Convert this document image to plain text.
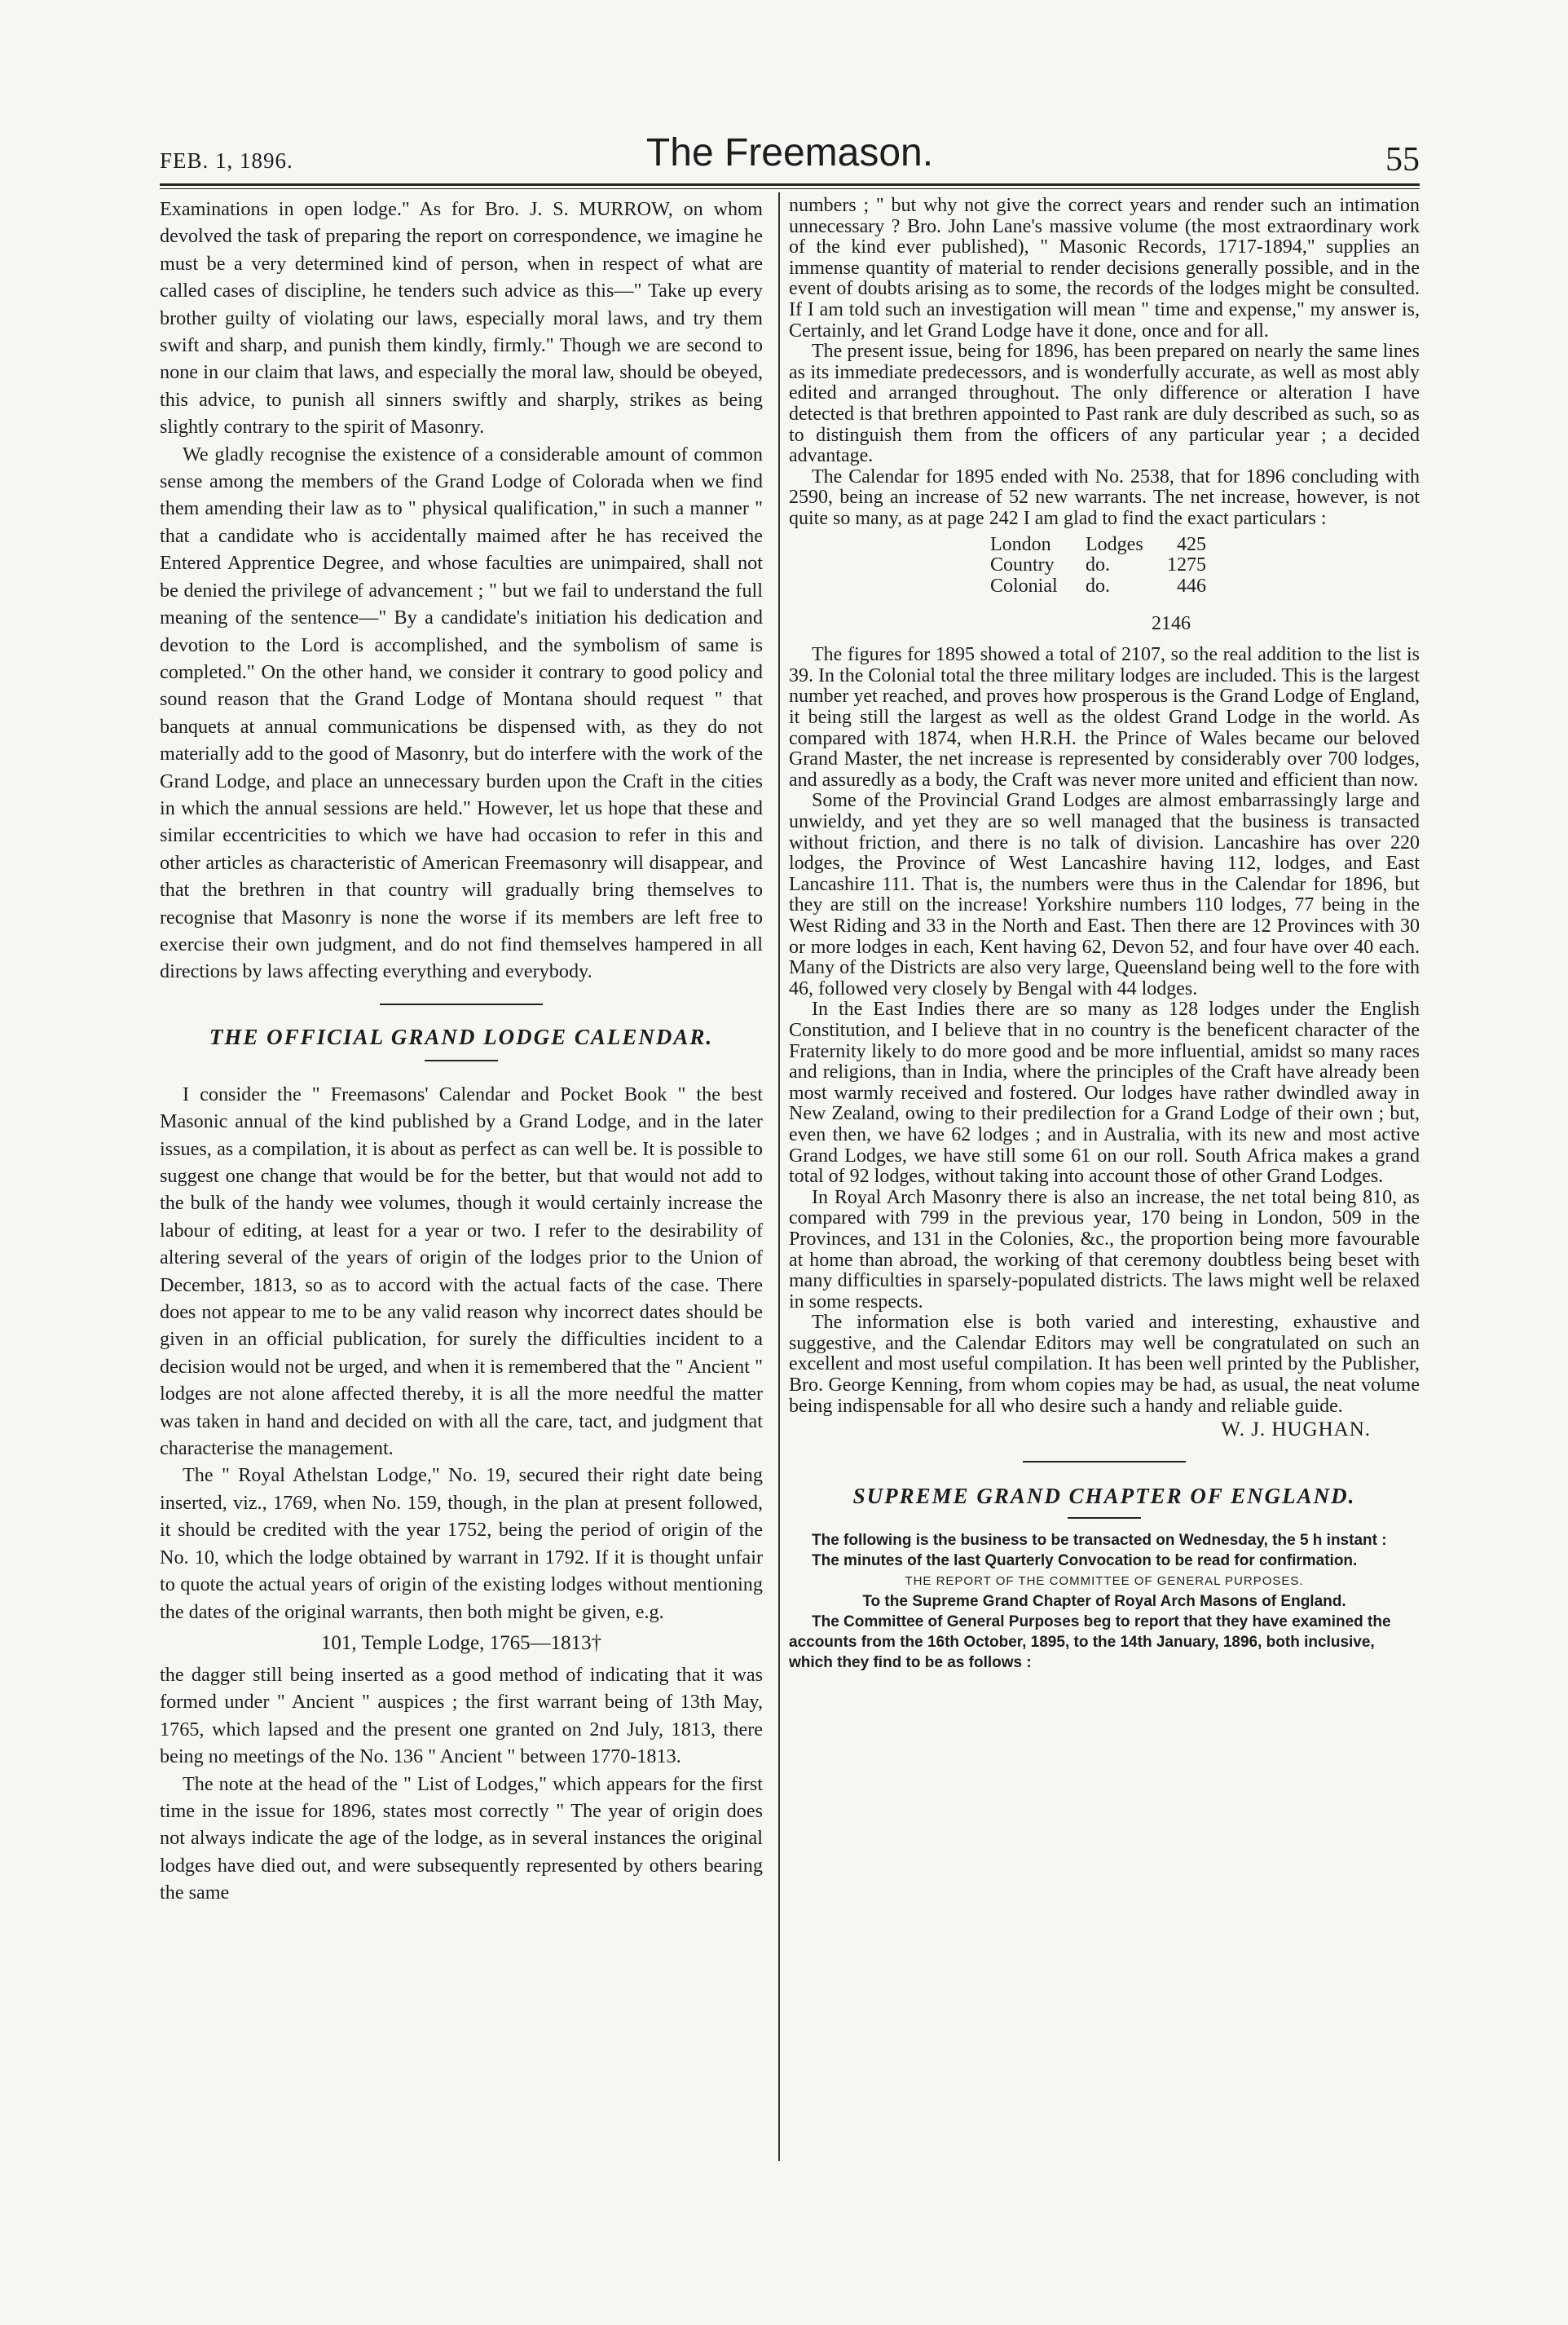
FEB. 1, 1896.	The Freemason.	55

Examinations in open lodge." As for Bro. J. S. MURROW, on whom devolved the task of preparing the report on correspondence, we imagine he must be a very determined kind of person, when in respect of what are called cases of discipline, he tenders such advice as this—" Take up every brother guilty of violating our laws, especially moral laws, and try them swift and sharp, and punish them kindly, firmly." Though we are second to none in our claim that laws, and especially the moral law, should be obeyed, this advice, to punish all sinners swiftly and sharply, strikes as being slightly contrary to the spirit of Masonry.

We gladly recognise the existence of a considerable amount of common sense among the members of the Grand Lodge of Colorada when we find them amending their law as to " physical qualification," in such a manner " that a candidate who is accidentally maimed after he has received the Entered Apprentice Degree, and whose faculties are unimpaired, shall not be denied the privilege of advancement ; " but we fail to understand the full meaning of the sentence—" By a candidate's initiation his dedication and devotion to the Lord is accomplished, and the symbolism of same is completed." On the other hand, we consider it contrary to good policy and sound reason that the Grand Lodge of Montana should request " that banquets at annual communications be dispensed with, as they do not materially add to the good of Masonry, but do interfere with the work of the Grand Lodge, and place an unnecessary burden upon the Craft in the cities in which the annual sessions are held." However, let us hope that these and similar eccentricities to which we have had occasion to refer in this and other articles as characteristic of American Freemasonry will disappear, and that the brethren in that country will gradually bring themselves to recognise that Masonry is none the worse if its members are left free to exercise their own judgment, and do not find themselves hampered in all directions by laws affecting everything and everybody.

THE OFFICIAL GRAND LODGE CALENDAR.

I consider the " Freemasons' Calendar and Pocket Book " the best Masonic annual of the kind published by a Grand Lodge, and in the later issues, as a compilation, it is about as perfect as can well be. It is possible to suggest one change that would be for the better, but that would not add to the bulk of the handy wee volumes, though it would certainly increase the labour of editing, at least for a year or two. I refer to the desirability of altering several of the years of origin of the lodges prior to the Union of December, 1813, so as to accord with the actual facts of the case. There does not appear to me to be any valid reason why incorrect dates should be given in an official publication, for surely the difficulties incident to a decision would not be urged, and when it is remembered that the " Ancient " lodges are not alone affected thereby, it is all the more needful the matter was taken in hand and decided on with all the care, tact, and judgment that characterise the management.

The " Royal Athelstan Lodge," No. 19, secured their right date being inserted, viz., 1769, when No. 159, though, in the plan at present followed, it should be credited with the year 1752, being the period of origin of the No. 10, which the lodge obtained by warrant in 1792. If it is thought unfair to quote the actual years of origin of the existing lodges without mentioning the dates of the original warrants, then both might be given, e.g.

101, Temple Lodge, 1765—1813†

the dagger still being inserted as a good method of indicating that it was formed under " Ancient " auspices ; the first warrant being of 13th May, 1765, which lapsed and the present one granted on 2nd July, 1813, there being no meetings of the No. 136 " Ancient " between 1770-1813.

The note at the head of the " List of Lodges," which appears for the first time in the issue for 1896, states most correctly " The year of origin does not always indicate the age of the lodge, as in several instances the original lodges have died out, and were subsequently represented by others bearing the same

numbers ; " but why not give the correct years and render such an intimation unnecessary ? Bro. John Lane's massive volume (the most extraordinary work of the kind ever published), " Masonic Records, 1717-1894," supplies an immense quantity of material to render decisions generally possible, and in the event of doubts arising as to some, the records of the lodges might be consulted. If I am told such an investigation will mean " time and expense," my answer is, Certainly, and let Grand Lodge have it done, once and for all.

The present issue, being for 1896, has been prepared on nearly the same lines as its immediate predecessors, and is wonderfully accurate, as well as most ably edited and arranged throughout. The only difference or alteration I have detected is that brethren appointed to Past rank are duly described as such, so as to distinguish them from the officers of any particular year ; a decided advantage.

The Calendar for 1895 ended with No. 2538, that for 1896 concluding with 2590, being an increase of 52 new warrants. The net increase, however, is not quite so many, as at page 242 I am glad to find the exact particulars :

London	Lodges	425
Country	do.	1275
Colonial	do.	446
2146

The figures for 1895 showed a total of 2107, so the real addition to the list is 39. In the Colonial total the three military lodges are included. This is the largest number yet reached, and proves how prosperous is the Grand Lodge of England, it being still the largest as well as the oldest Grand Lodge in the world. As compared with 1874, when H.R.H. the Prince of Wales became our beloved Grand Master, the net increase is represented by considerably over 700 lodges, and assuredly as a body, the Craft was never more united and efficient than now.

Some of the Provincial Grand Lodges are almost embarrassingly large and unwieldy, and yet they are so well managed that the business is transacted without friction, and there is no talk of division. Lancashire has over 220 lodges, the Province of West Lancashire having 112, lodges, and East Lancashire 111. That is, the numbers were thus in the Calendar for 1896, but they are still on the increase! Yorkshire numbers 110 lodges, 77 being in the West Riding and 33 in the North and East. Then there are 12 Provinces with 30 or more lodges in each, Kent having 62, Devon 52, and four have over 40 each. Many of the Districts are also very large, Queensland being well to the fore with 46, followed very closely by Bengal with 44 lodges.

In the East Indies there are so many as 128 lodges under the English Constitution, and I believe that in no country is the beneficent character of the Fraternity likely to do more good and be more influential, amidst so many races and religions, than in India, where the principles of the Craft have already been most warmly received and fostered. Our lodges have rather dwindled away in New Zealand, owing to their predilection for a Grand Lodge of their own ; but, even then, we have 62 lodges ; and in Australia, with its new and most active Grand Lodges, we have still some 61 on our roll. South Africa makes a grand total of 92 lodges, without taking into account those of other Grand Lodges.

In Royal Arch Masonry there is also an increase, the net total being 810, as compared with 799 in the previous year, 170 being in London, 509 in the Provinces, and 131 in the Colonies, &c., the proportion being more favourable at home than abroad, the working of that ceremony doubtless being beset with many difficulties in sparsely-populated districts. The laws might well be relaxed in some respects.

The information else is both varied and interesting, exhaustive and suggestive, and the Calendar Editors may well be congratulated on such an excellent and most useful compilation. It has been well printed by the Publisher, Bro. George Kenning, from whom copies may be had, as usual, the neat volume being indispensable for all who desire such a handy and reliable guide.

W. J. HUGHAN.
SUPREME GRAND CHAPTER OF ENGLAND.

The following is the business to be transacted on Wednesday, the 5 h instant :

The minutes of the last Quarterly Convocation to be read for confirmation.

THE REPORT OF THE COMMITTEE OF GENERAL PURPOSES.

To the Supreme Grand Chapter of Royal Arch Masons of England.

The Committee of General Purposes beg to report that they have examined the accounts from the 16th October, 1895, to the 14th January, 1896, both inclusive, which they find to be as follows :
